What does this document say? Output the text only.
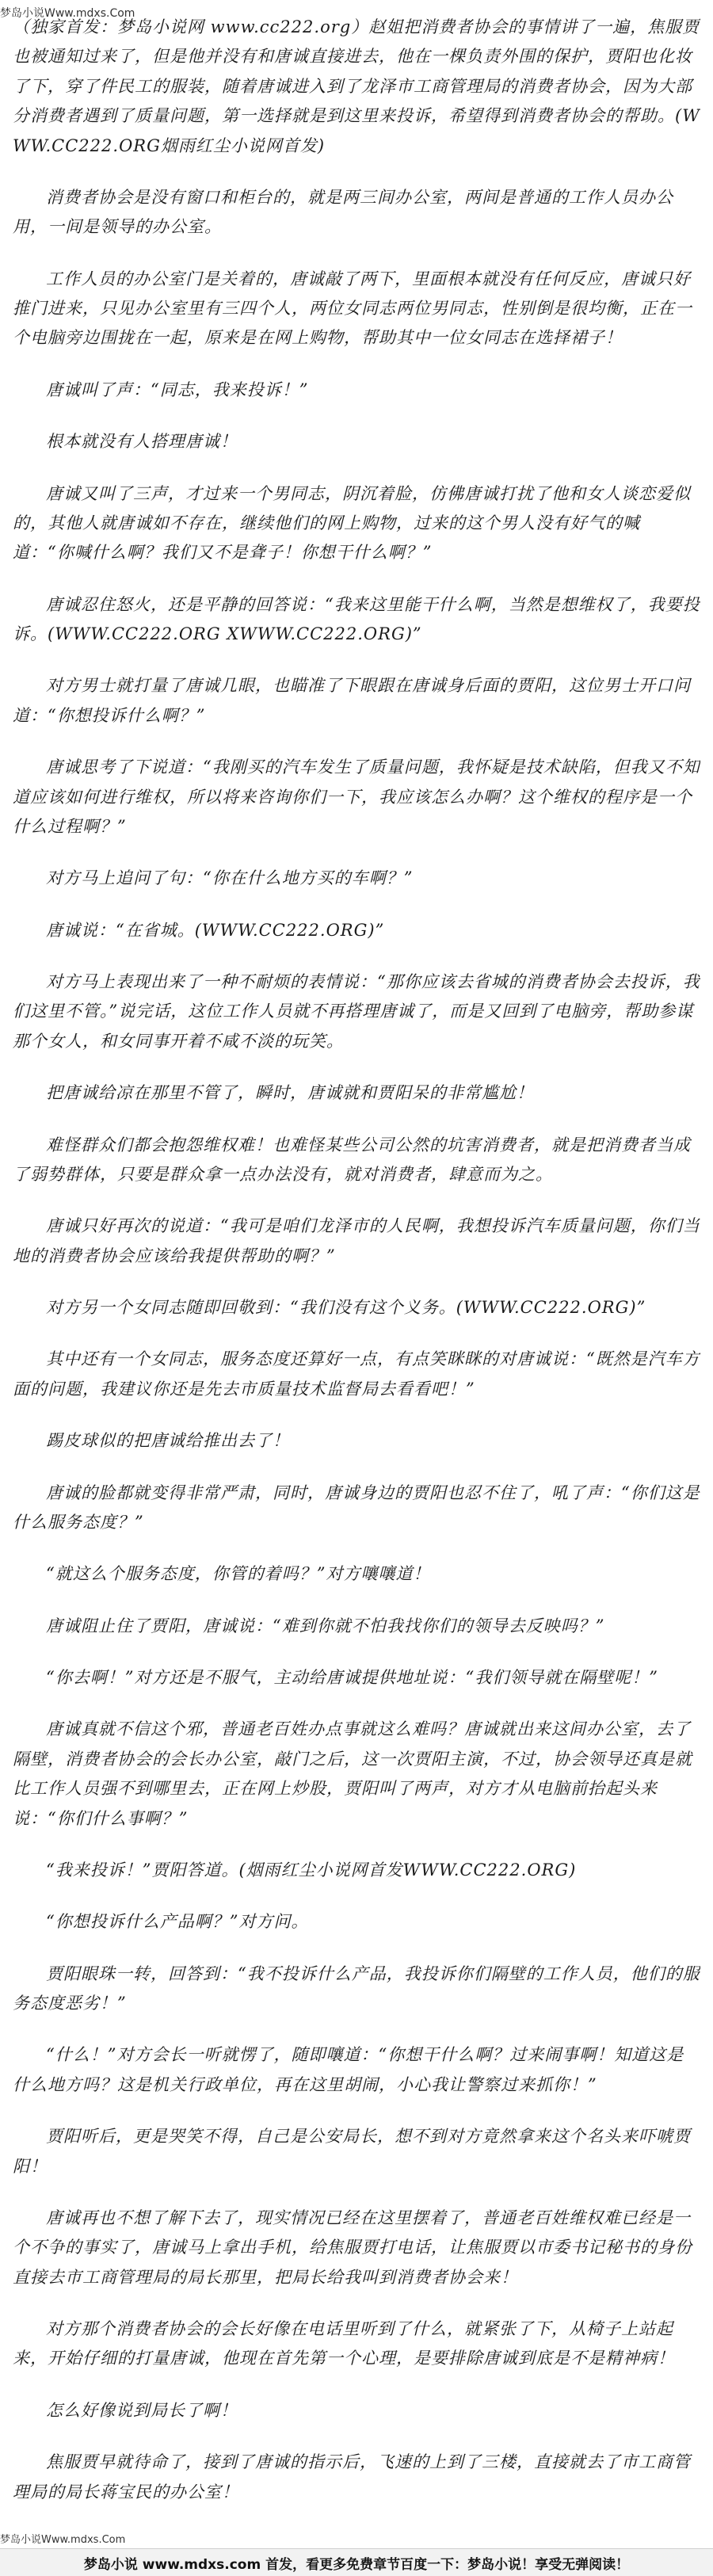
梦岛小说Www.mdxs.Com

（独家首发：梦岛小说网 www.cc222.org）赵姐把消费者协会的事情讲了一遍，焦服贾也被通知过来了，但是他并没有和唐诚直接进去，他在一棵负责外围的保护，贾阳也化妆了下，穿了件民工的服装，随着唐诚进入到了龙泽市工商管理局的消费者协会，因为大部分消费者遇到了质量问题，第一选择就是到这里来投诉，希望得到消费者协会的帮助。(WWW.CC222.ORG烟雨红尘小说网首发)

消费者协会是没有窗口和柜台的，就是两三间办公室，两间是普通的工作人员办公用，一间是领导的办公室。

工作人员的办公室门是关着的，唐诚敲了两下，里面根本就没有任何反应，唐诚只好推门进来，只见办公室里有三四个人，两位女同志两位男同志，性别倒是很均衡，正在一个电脑旁边围拢在一起，原来是在网上购物，帮助其中一位女同志在选择裙子！

唐诚叫了声：“同志，我来投诉！”

根本就没有人搭理唐诚！

唐诚又叫了三声，才过来一个男同志，阴沉着脸，仿佛唐诚打扰了他和女人谈恋爱似的，其他人就唐诚如不存在，继续他们的网上购物，过来的这个男人没有好气的喊道：“你喊什么啊？我们又不是聋子！你想干什么啊？”

唐诚忍住怒火，还是平静的回答说：“我来这里能干什么啊，当然是想维权了，我要投诉。(WWW.CC222.ORG XWWW.CC222.ORG)”

对方男士就打量了唐诚几眼，也瞄准了下眼跟在唐诚身后面的贾阳，这位男士开口问道：“你想投诉什么啊？”

唐诚思考了下说道：“我刚买的汽车发生了质量问题，我怀疑是技术缺陷，但我又不知道应该如何进行维权，所以将来咨询你们一下，我应该怎么办啊？这个维权的程序是一个什么过程啊？”

对方马上追问了句：“你在什么地方买的车啊？”

唐诚说：“在省城。(WWW.CC222.ORG)”

对方马上表现出来了一种不耐烦的表情说：“那你应该去省城的消费者协会去投诉，我们这里不管。”说完话，这位工作人员就不再搭理唐诚了，而是又回到了电脑旁，帮助参谋那个女人，和女同事开着不咸不淡的玩笑。

把唐诚给凉在那里不管了，瞬时，唐诚就和贾阳呆的非常尴尬！

难怪群众们都会抱怨维权难！也难怪某些公司公然的坑害消费者，就是把消费者当成了弱势群体，只要是群众拿一点办法没有，就对消费者，肆意而为之。

唐诚只好再次的说道：“我可是咱们龙泽市的人民啊，我想投诉汽车质量问题，你们当地的消费者协会应该给我提供帮助的啊？”

对方另一个女同志随即回敬到：“我们没有这个义务。(WWW.CC222.ORG)”

其中还有一个女同志，服务态度还算好一点，有点笑眯眯的对唐诚说：“既然是汽车方面的问题，我建议你还是先去市质量技术监督局去看看吧！”

踢皮球似的把唐诚给推出去了！

唐诚的脸都就变得非常严肃，同时，唐诚身边的贾阳也忍不住了，吼了声：“你们这是什么服务态度？”

“就这么个服务态度，你管的着吗？”对方嚷嚷道！

唐诚阻止住了贾阳，唐诚说：“难到你就不怕我找你们的领导去反映吗？”

“你去啊！”对方还是不服气，主动给唐诚提供地址说：“我们领导就在隔壁呢！”

唐诚真就不信这个邪，普通老百姓办点事就这么难吗？唐诚就出来这间办公室，去了隔壁，消费者协会的会长办公室，敲门之后，这一次贾阳主演，不过，协会领导还真是就比工作人员强不到哪里去，正在网上炒股，贾阳叫了两声，对方才从电脑前抬起头来说：“你们什么事啊？”

“我来投诉！”贾阳答道。(烟雨红尘小说网首发WWW.CC222.ORG)

“你想投诉什么产品啊？”对方问。

贾阳眼珠一转，回答到：“我不投诉什么产品，我投诉你们隔壁的工作人员，他们的服务态度恶劣！”

“什么！”对方会长一听就愣了，随即嚷道：“你想干什么啊？过来闹事啊！知道这是什么地方吗？这是机关行政单位，再在这里胡闹，小心我让警察过来抓你！”

贾阳听后，更是哭笑不得，自己是公安局长，想不到对方竟然拿来这个名头来吓唬贾阳！

唐诚再也不想了解下去了，现实情况已经在这里摆着了，普通老百姓维权难已经是一个不争的事实了，唐诚马上拿出手机，给焦服贾打电话，让焦服贾以市委书记秘书的身份直接去市工商管理局的局长那里，把局长给我叫到消费者协会来！

对方那个消费者协会的会长好像在电话里听到了什么，就紧张了下，从椅子上站起来，开始仔细的打量唐诚，他现在首先第一个心理，是要排除唐诚到底是不是精神病！

怎么好像说到局长了啊！

焦服贾早就待命了，接到了唐诚的指示后，飞速的上到了三楼，直接就去了市工商管理局的局长蒋宝民的办公室！

梦岛小说Www.mdxs.Com
梦岛小说 www.mdxs.com 首发，看更多免费章节百度一下：梦岛小说！享受无弹阅读！
